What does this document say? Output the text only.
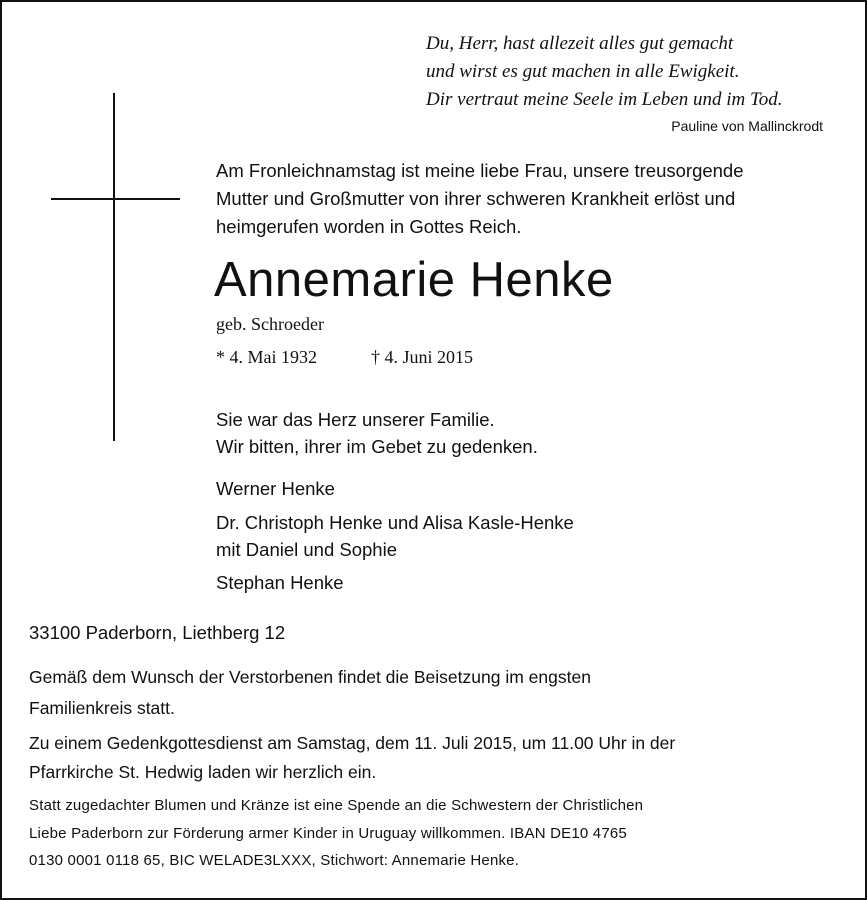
Du, Herr, hast allezeit alles gut gemacht
und wirst es gut machen in alle Ewigkeit.
Dir vertraut meine Seele im Leben und im Tod.
Pauline von Mallinckrodt
Am Fronleichnamstag ist meine liebe Frau, unsere treusorgende
Mutter und Großmutter von ihrer schweren Krankheit erlöst und
heimgerufen worden in Gottes Reich.
Annemarie Henke
geb. Schroeder
* 4. Mai 1932	† 4. Juni 2015
Sie war das Herz unserer Familie.
Wir bitten, ihrer im Gebet zu gedenken.
Werner Henke
Dr. Christoph Henke und Alisa Kasle-Henke
mit Daniel und Sophie
Stephan Henke
33100 Paderborn, Liethberg 12
Gemäß dem Wunsch der Verstorbenen findet die Beisetzung im engsten
Familienkreis statt.
Zu einem Gedenkgottesdienst am Samstag, dem 11. Juli 2015, um 11.00 Uhr in der
Pfarrkirche St. Hedwig laden wir herzlich ein.
Statt zugedachter Blumen und Kränze ist eine Spende an die Schwestern der Christlichen
Liebe Paderborn zur Förderung armer Kinder in Uruguay willkommen. IBAN DE10 4765
0130 0001 0118 65, BIC WELADE3LXXX, Stichwort: Annemarie Henke.
